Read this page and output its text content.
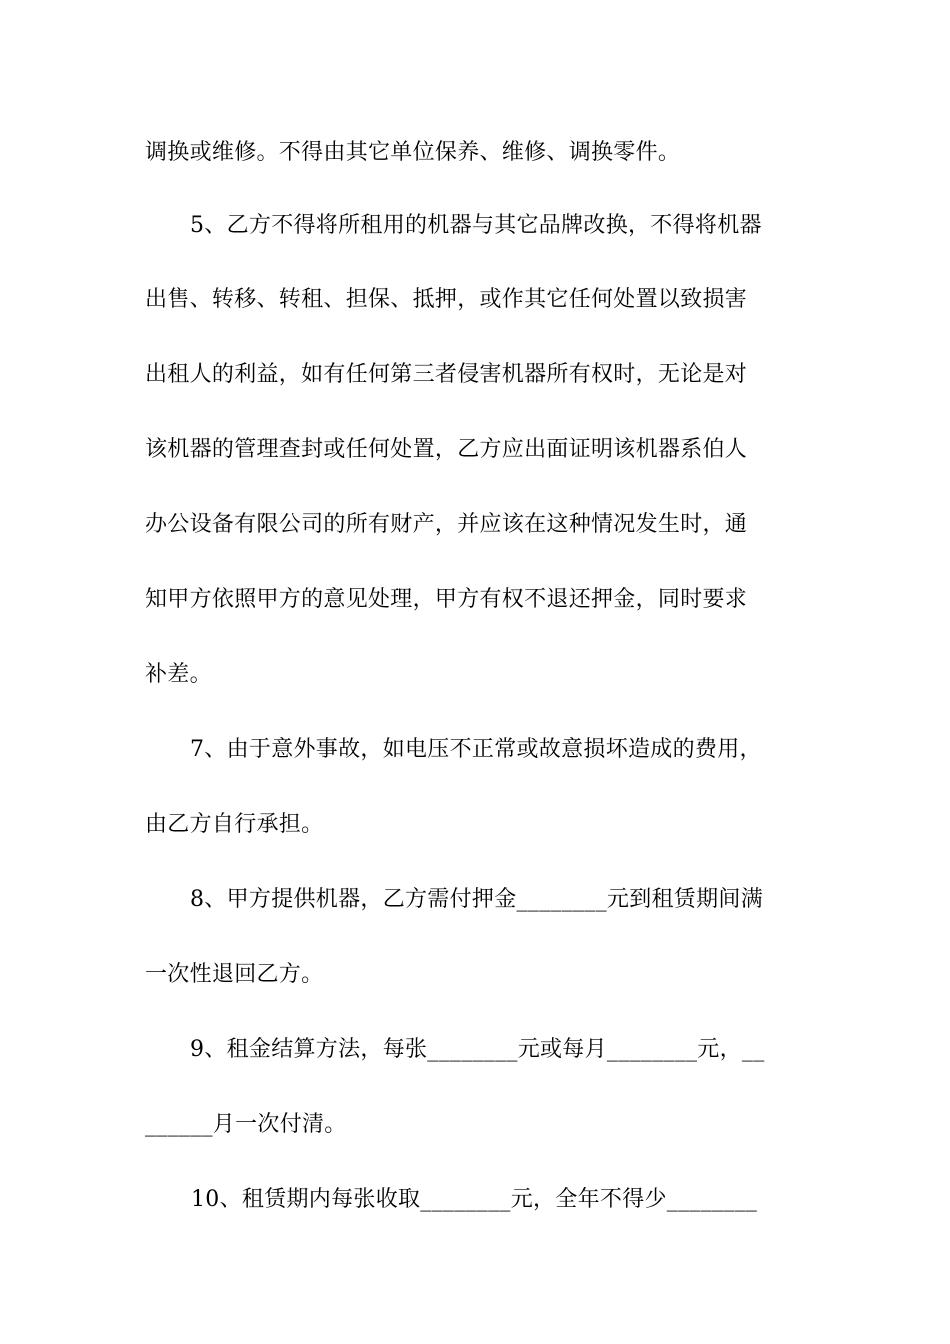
调换或维修。不得由其它单位保养、维修、调换零件。
5、乙方不得将所租用的机器与其它品牌改换，不得将机器
出售、转移、转租、担保、抵押，或作其它任何处置以致损害
出租人的利益，如有任何第三者侵害机器所有权时，无论是对
该机器的管理查封或任何处置，乙方应出面证明该机器系伯人
办公设备有限公司的所有财产，并应该在这种情况发生时，通
知甲方依照甲方的意见处理，甲方有权不退还押金，同时要求
补差。
7、由于意外事故，如电压不正常或故意损坏造成的费用，
由乙方自行承担。
8、甲方提供机器，乙方需付押金________元到租赁期间满
一次性退回乙方。
9、租金结算方法，每张________元或每月________元，__
______月一次付清。
10、租赁期内每张收取________元，全年不得少________
